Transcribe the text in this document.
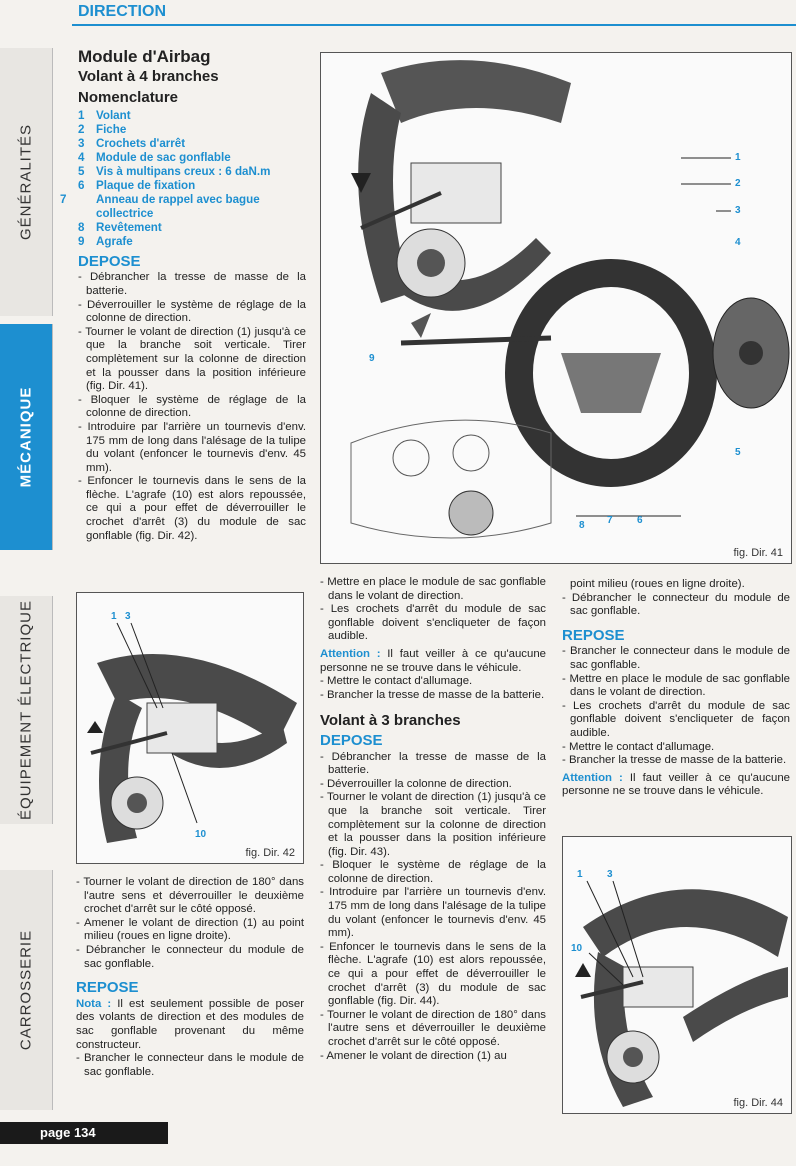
DIRECTION
GÉNÉRALITÉS
MÉCANIQUE
ÉQUIPEMENT ÉLECTRIQUE
CARROSSERIE
Module d'Airbag
Volant à 4 branches
Nomenclature
1 Volant
2 Fiche
3 Crochets d'arrêt
4 Module de sac gonflable
5 Vis à multipans creux : 6 daN.m
6 Plaque de fixation
7	Anneau de rappel avec bague collectrice
8 Revêtement
9 Agrafe
DEPOSE

- Débrancher la tresse de masse de la batterie.

- Déverrouiller le système de réglage de la colonne de direction.

- Tourner le volant de direction (1) jusqu'à ce que la branche soit verticale. Tirer complètement sur la colonne de direction et la pousser dans la position inférieure (fig. Dir. 41).

- Bloquer le système de réglage de la colonne de direction.

- Introduire par l'arrière un tournevis d'env. 175 mm de long dans l'alésage de la tulipe du volant (enfoncer le tournevis d'env. 45 mm).

- Enfoncer le tournevis dans le sens de la flèche. L'agrafe (10) est alors repoussée, ce qui a pour effet de déverrouiller le crochet d'arrêt (3) du module de sac gonflable (fig. Dir. 42).

1
2
3
4
5
6
7
8
9
fig. Dir. 41
1 3
10
fig. Dir. 42

- Tourner le volant de direction de 180° dans l'autre sens et déverrouiller le deuxième crochet d'arrêt sur le côté opposé.

- Amener le volant de direction (1) au point milieu (roues en ligne droite).

- Débrancher le connecteur du module de sac gonflable.

REPOSE

Nota : Il est seulement possible de poser des volants de direction et des modules de sac gonflable provenant du même constructeur.

- Brancher le connecteur dans le module de sac gonflable.

- Mettre en place le module de sac gonflable dans le volant de direction.

- Les crochets d'arrêt du module de sac gonflable doivent s'encliqueter de façon audible.

Attention : Il faut veiller à ce qu'aucune personne ne se trouve dans le véhicule.

- Mettre le contact d'allumage.

- Brancher la tresse de masse de la batterie.

Volant à 3 branches
DEPOSE

- Débrancher la tresse de masse de la batterie.

- Déverrouiller la colonne de direction.

- Tourner le volant de direction (1) jusqu'à ce que la branche soit verticale. Tirer complètement sur la colonne de direction et la pousser dans la position inférieure (fig. Dir. 43).

- Bloquer le système de réglage de la colonne de direction.

- Introduire par l'arrière un tournevis d'env. 175 mm de long dans l'alésage de la tulipe du volant (enfoncer le tournevis d'env. 45 mm).

- Enfoncer le tournevis dans le sens de la flèche. L'agrafe (10) est alors repoussée, ce qui a pour effet de déverrouiller le crochet d'arrêt (3) du module de sac gonflable (fig. Dir. 44).

- Tourner le volant de direction de 180° dans l'autre sens et déverrouiller le deuxième crochet d'arrêt sur le côté opposé.

- Amener le volant de direction (1) au

point milieu (roues en ligne droite).

- Débrancher le connecteur du module de sac gonflable.

REPOSE

- Brancher le connecteur dans le module de sac gonflable.

- Mettre en place le module de sac gonflable dans le volant de direction.

- Les crochets d'arrêt du module de sac gonflable doivent s'encliqueter de façon audible.

- Mettre le contact d'allumage.

- Brancher la tresse de masse de la batterie.

Attention : Il faut veiller à ce qu'aucune personne ne se trouve dans le véhicule.

1 3
10
fig. Dir. 44
page 134
